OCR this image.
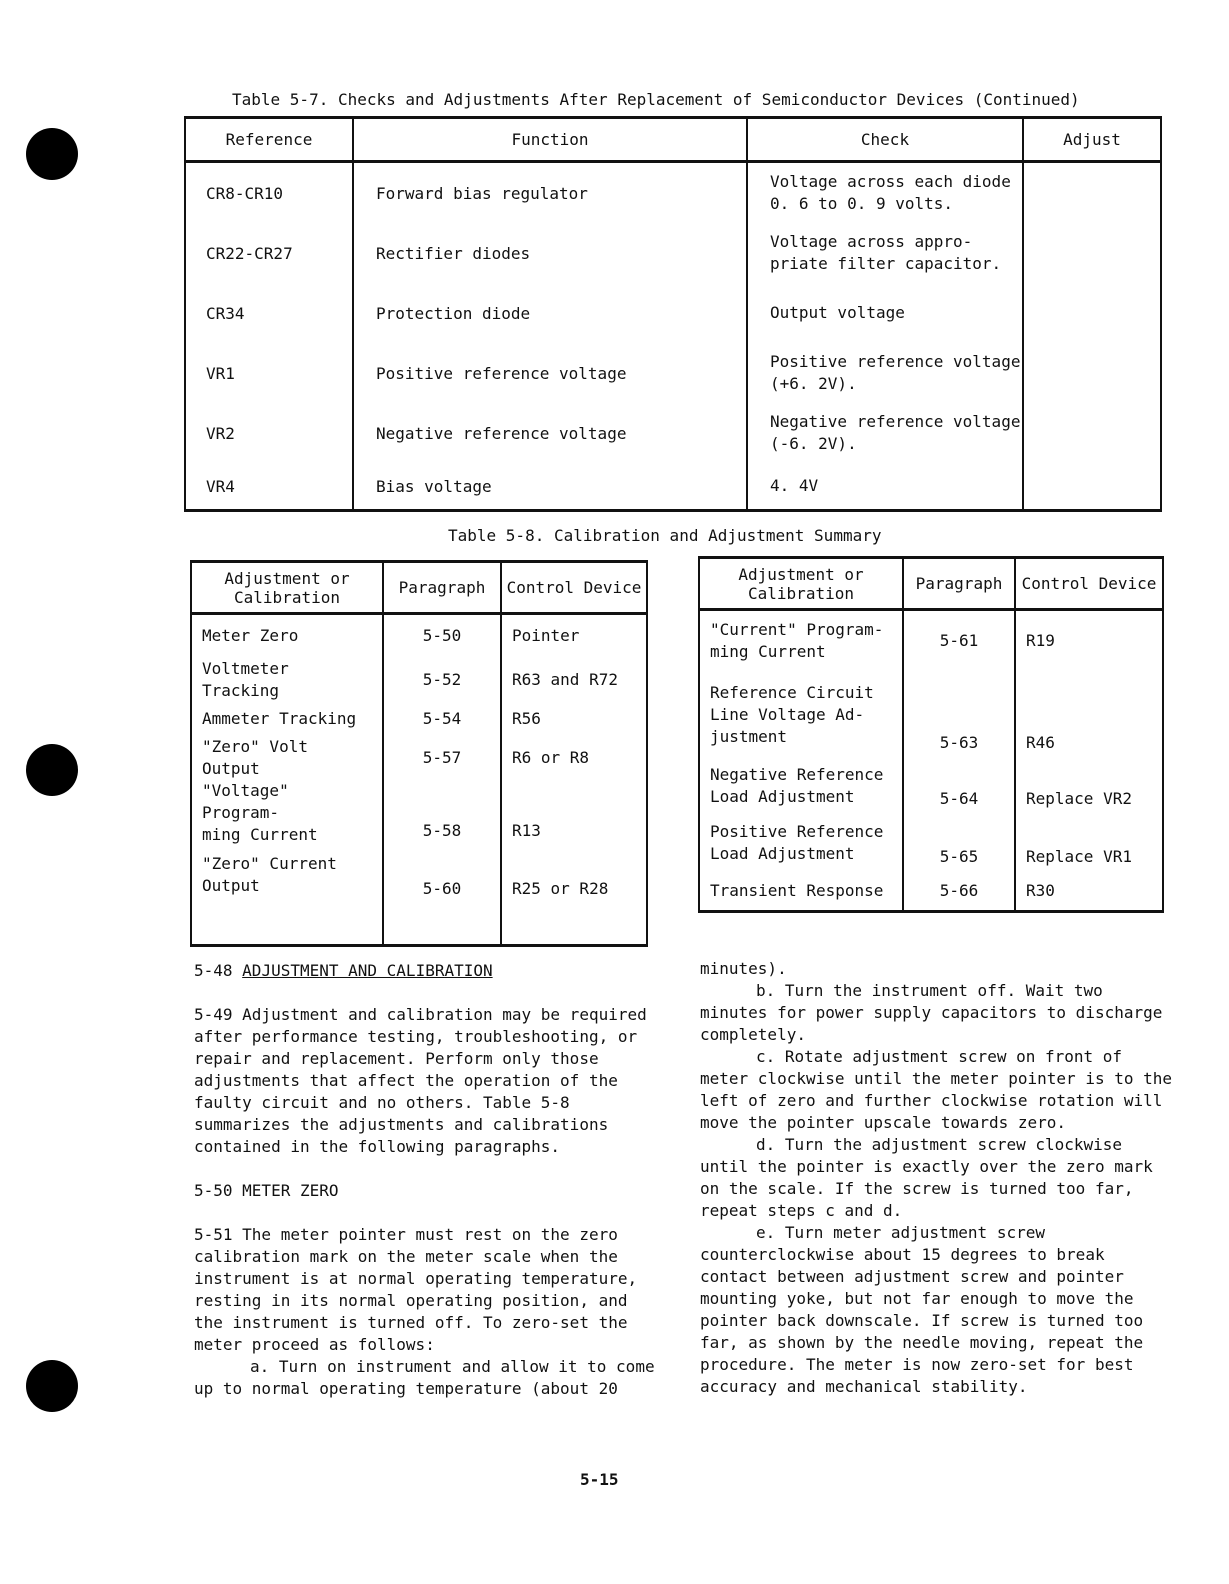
Table 5-7. Checks and Adjustments After Replacement of Semiconductor Devices (Continued)
Reference	Function	Check	Adjust
CR8-CR10	Forward bias regulator	Voltage across each diode 0. 6 to 0. 9 volts.	
CR22-CR27	Rectifier diodes	Voltage across appro-priate filter capacitor.	
CR34	Protection diode	Output voltage	
VR1	Positive reference voltage	Positive reference voltage (+6. 2V).	
VR2	Negative reference voltage	Negative reference voltage (-6. 2V).	
VR4	Bias voltage	4. 4V	
Table 5-8. Calibration and Adjustment Summary
Adjustment or Calibration	Paragraph	Control Device
Meter Zero	5-50	Pointer
Voltmeter Tracking	5-52	R63 and R72
Ammeter Tracking	5-54	R56
"Zero" Volt Output	5-57	R6 or R8
"Voltage" Program-
ming Current	5-58	R13
"Zero" Current
Output	5-60	R25 or R28

Adjustment or Calibration	Paragraph	Control Device
"Current" Program-
ming Current	5-61	R19
Reference Circuit
Line Voltage Ad-
justment	5-63	R46
Negative Reference
Load Adjustment	5-64	Replace VR2
Positive Reference
Load Adjustment	5-65	Replace VR1
Transient Response	5-66	R30
5-48 ADJUSTMENT AND CALIBRATION

5-49 Adjustment and calibration may be required after performance testing, troubleshooting, or repair and replacement. Perform only those adjustments that affect the operation of the faulty circuit and no others. Table 5-8 summarizes the adjustments and calibrations contained in the following paragraphs.

5-50 METER ZERO

5-51 The meter pointer must rest on the zero calibration mark on the meter scale when the instrument is at normal operating temperature, resting in its normal operating position, and the instrument is turned off. To zero-set the meter proceed as follows:
a. Turn on instrument and allow it to come up to normal operating temperature (about 20

minutes).
b. Turn the instrument off. Wait two minutes for power supply capacitors to discharge completely.
c. Rotate adjustment screw on front of meter clockwise until the meter pointer is to the left of zero and further clockwise rotation will move the pointer upscale towards zero.
d. Turn the adjustment screw clockwise until the pointer is exactly over the zero mark on the scale. If the screw is turned too far, repeat steps c and d.
e. Turn meter adjustment screw counterclockwise about 15 degrees to break contact between adjustment screw and pointer mounting yoke, but not far enough to move the pointer back downscale. If screw is turned too far, as shown by the needle moving, repeat the procedure. The meter is now zero-set for best accuracy and mechanical stability.
5-15
